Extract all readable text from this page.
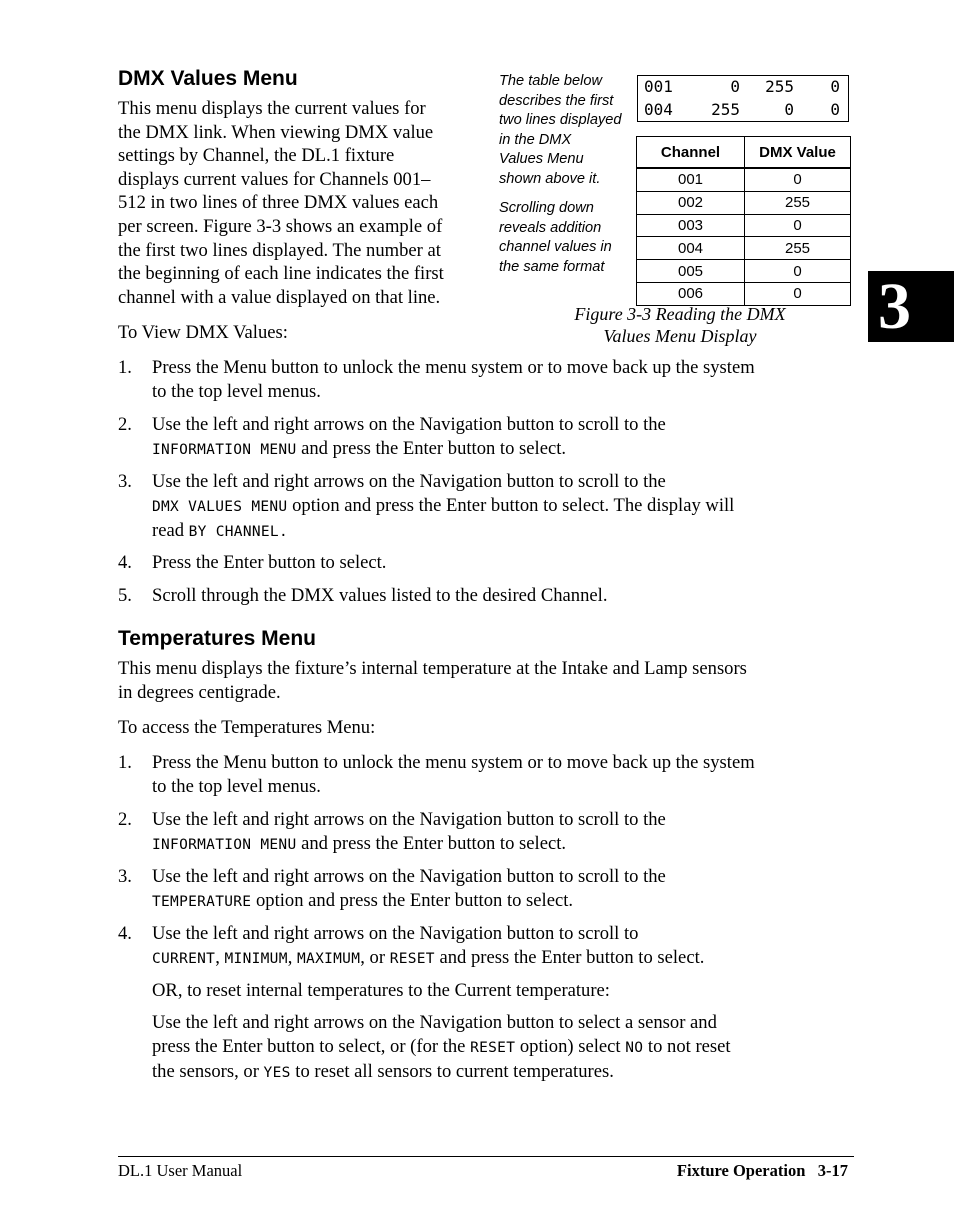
DMX Values Menu
This menu displays the current values for
the DMX link. When viewing DMX value
settings by Channel, the DL.1 fixture
displays current values for Channels 001–
512 in two lines of three DMX values each
per screen. Figure 3-3 shows an example of
the first two lines displayed. The number at
the beginning of each line indicates the first
channel with a value displayed on that line.
To View DMX Values:
1.	Press the Menu button to unlock the menu system or to move back up the system
to the top level menus.
2.	Use the left and right arrows on the Navigation button to scroll to the
INFORMATION MENU and press the Enter button to select.
3.	Use the left and right arrows on the Navigation button to scroll to the
DMX VALUES MENU option and press the Enter button to select. The display will
read BY CHANNEL.
4.	Press the Enter button to select.
5.	Scroll through the DMX values listed to the desired Channel.
The table below
describes the first
two lines displayed
in the DMX
Values Menu
shown above it.
Scrolling down
reveals addition
channel values in
the same format
001	0	255	0
004	255	0	0
Channel	DMX Value
001	0
002	255
003	0
004	255
005	0
006	0
Figure 3-3 Reading the DMX
Values Menu Display	3
Temperatures Menu
This menu displays the fixture’s internal temperature at the Intake and Lamp sensors
in degrees centigrade.
To access the Temperatures Menu:
1.	Press the Menu button to unlock the menu system or to move back up the system
to the top level menus.
2.	Use the left and right arrows on the Navigation button to scroll to the
INFORMATION MENU and press the Enter button to select.
3.	Use the left and right arrows on the Navigation button to scroll to the
TEMPERATURE option and press the Enter button to select.
4.	Use the left and right arrows on the Navigation button to scroll to
CURRENT, MINIMUM, MAXIMUM, or RESET and press the Enter button to select.
OR, to reset internal temperatures to the Current temperature:
Use the left and right arrows on the Navigation button to select a sensor and
press the Enter button to select, or (for the RESET option) select NO to not reset
the sensors, or YES to reset all sensors to current temperatures.
DL.1 User Manual	Fixture Operation   3-17
